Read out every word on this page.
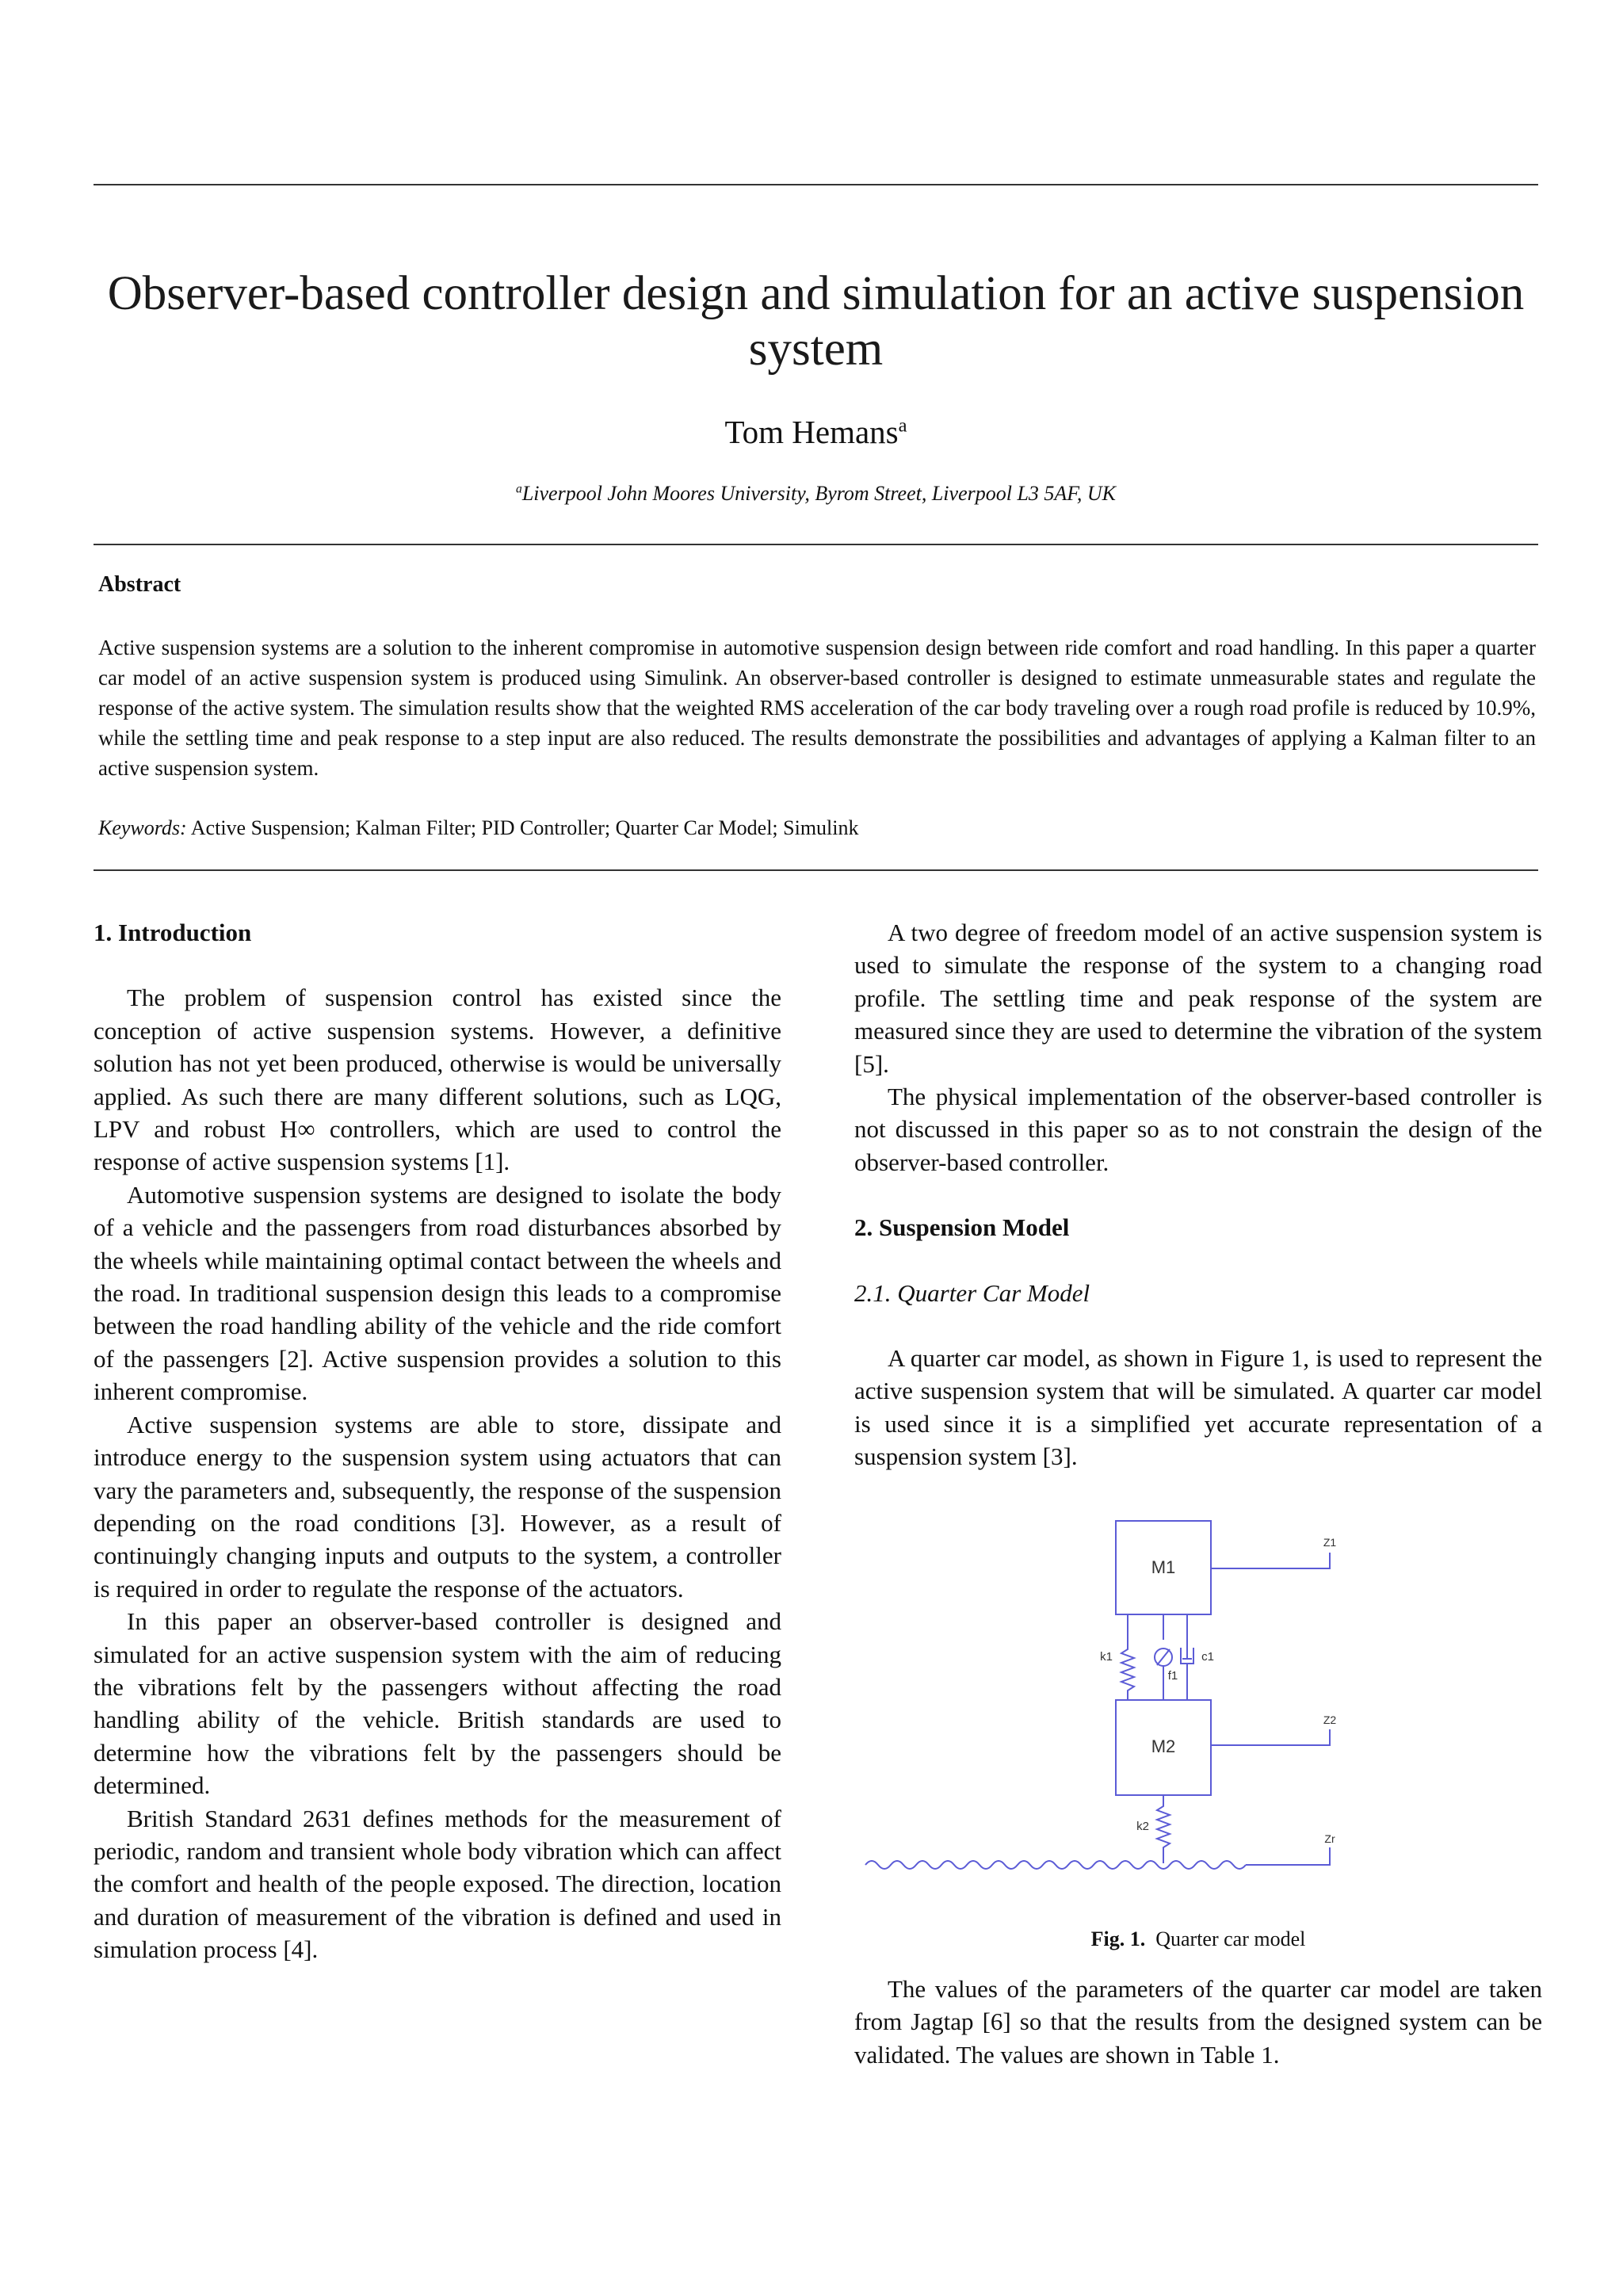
Observer-based controller design and simulation for an active suspension system
Tom Hemans$^a$
$^a$Liverpool John Moores University, Byrom Street, Liverpool L3 5AF, UK
Abstract
Active suspension systems are a solution to the inherent compromise in automotive suspension design between ride comfort and road handling. In this paper a quarter car model of an active suspension system is produced using Simulink. An observer-based controller is designed to estimate unmeasurable states and regulate the response of the active system. The simulation results show that the weighted RMS acceleration of the car body traveling over a rough road profile is reduced by 10.9%, while the settling time and peak response to a step input are also reduced. The results demonstrate the possibilities and advantages of applying a Kalman filter to an active suspension system.
Keywords: Active Suspension; Kalman Filter; PID Controller; Quarter Car Model; Simulink
1. Introduction

The problem of suspension control has existed since the conception of active suspension systems. However, a definitive solution has not yet been produced, otherwise is would be universally applied. As such there are many different solutions, such as LQG, LPV and robust H∞ controllers, which are used to control the response of active suspension systems [1].

Automotive suspension systems are designed to isolate the body of a vehicle and the passengers from road disturbances absorbed by the wheels while maintaining optimal contact between the wheels and the road. In traditional suspension design this leads to a compromise between the road handling ability of the vehicle and the ride comfort of the passengers [2]. Active suspension provides a solution to this inherent compromise.

Active suspension systems are able to store, dissipate and introduce energy to the suspension system using actuators that can vary the parameters and, subsequently, the response of the suspension depending on the road conditions [3]. However, as a result of continuingly changing inputs and outputs to the system, a controller is required in order to regulate the response of the actuators.

In this paper an observer-based controller is designed and simulated for an active suspension system with the aim of reducing the vibrations felt by the passengers without affecting the road handling ability of the vehicle. British standards are used to determine how the vibrations felt by the passengers should be determined.

British Standard 2631 defines methods for the measurement of periodic, random and transient whole body vibration which can affect the comfort and health of the people exposed. The direction, location and duration of measurement of the vibration is defined and used in simulation process [4].

A two degree of freedom model of an active suspension system is used to simulate the response of the system to a changing road profile. The settling time and peak response of the system are measured since they are used to determine the vibration of the system [5].

The physical implementation of the observer-based controller is not discussed in this paper so as to not constrain the design of the observer-based controller.

2. Suspension Model
2.1. Quarter Car Model

A quarter car model, as shown in Figure 1, is used to represent the active suspension system that will be simulated. A quarter car model is used since it is a simplified yet accurate representation of a suspension system [3].

M1
M2
k1
f1
c1
k2
Z1
Z2
Zr
Fig. 1. Quarter car model

The values of the parameters of the quarter car model are taken from Jagtap [6] so that the results from the designed system can be validated. The values are shown in Table 1.
